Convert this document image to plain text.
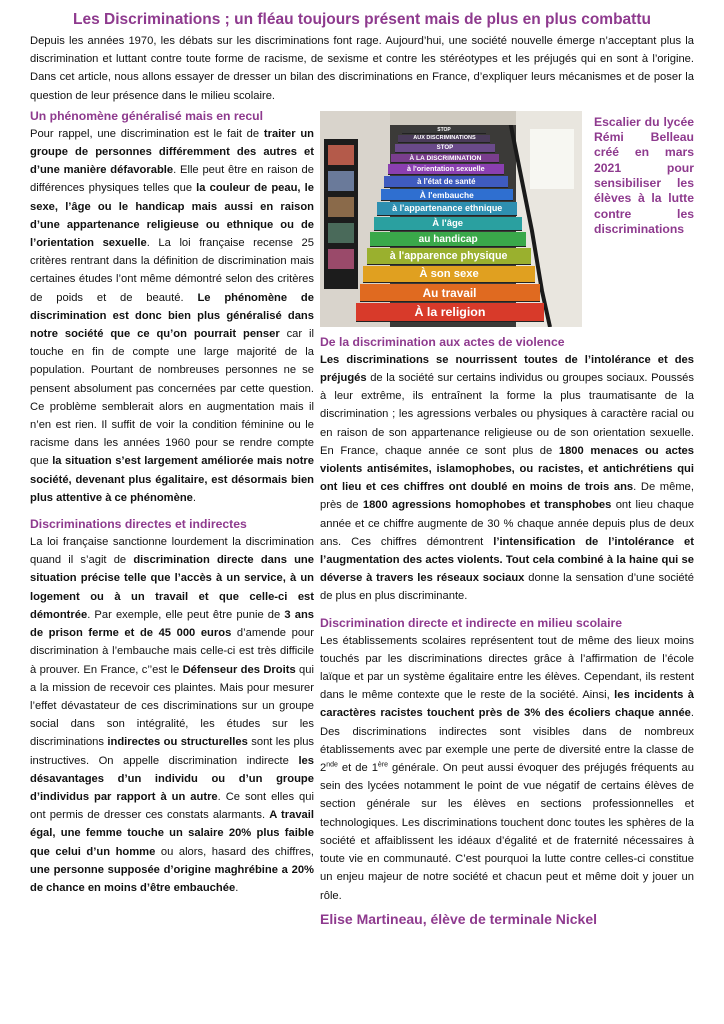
Les Discriminations ; un fléau toujours présent mais de plus en plus combattu

Depuis les années 1970, les débats sur les discriminations font rage. Aujourd’hui, une société nouvelle émerge n’acceptant plus la discrimination et luttant contre toute forme de racisme, de sexisme et contre les stéréotypes et les préjugés qui en sont à l’origine. Dans cet article, nous allons essayer de dresser un bilan des discriminations en France, d’expliquer leurs mécanismes et de poser la question de leur présence dans le milieu scolaire.

Un phénomène généralisé mais en recul

Pour rappel, une discrimination est le fait de traiter un groupe de personnes différemment des autres et d’une manière défavorable. Elle peut être en raison de différences physiques telles que la couleur de peau, le sexe, l’âge ou le handicap mais aussi en raison d’une appartenance religieuse ou ethnique ou de l’orientation sexuelle. La loi française recense 25 critères rentrant dans la définition de discrimination mais certaines études l’ont même démontré selon des critères de poids et de beauté. Le phénomène de discrimination est donc bien plus généralisé dans notre société que ce qu’on pourrait penser car il touche en fin de compte une large majorité de la population. Pourtant de nombreuses personnes ne se pensent absolument pas concernées par cette question. Ce problème semblerait alors en augmentation mais il n’en est rien. Il suffit de voir la condition féminine ou le racisme dans les années 1960 pour se rendre compte que la situation s’est largement améliorée mais notre société, devenant plus égalitaire, est désormais bien plus attentive à ce phénomène.

Discriminations directes et indirectes

La loi française sanctionne lourdement la discrimination quand il s’agit de discrimination directe dans une situation précise telle que l’accès à un service, à un logement ou à un travail et que celle-ci est démontrée. Par exemple, elle peut être punie de 3 ans de prison ferme et de 45 000 euros d’amende pour discrimination à l’embauche mais celle-ci est très difficile à prouver. En France, c’’est le Défenseur des Droits qui a la mission de recevoir ces plaintes. Mais pour mesurer l’effet dévastateur de ces discriminations sur un groupe social dans son intégralité, les études sur les discriminations indirectes ou structurelles sont les plus instructives. On appelle discrimination indirecte les désavantages d’un individu ou d’un groupe d’individus par rapport à un autre. Ce sont elles qui ont permis de dresser ces constats alarmants. A travail égal, une femme touche un salaire 20% plus faible que celui d’un homme ou alors, hasard des chiffres, une personne supposée d’origine maghrébine a 20% de chance en moins d’être embauchée.

STOP
AUX DISCRIMINATIONS
STOP
À LA DISCRIMINATION
à l'orientation sexuelle
à l'état de santé
À l'embauche
à l'appartenance ethnique
À l'âge
au handicap
à l'apparence physique
À son sexe
Au travail
À la religion
Escalier du lycée Rémi Belleau créé en mars 2021 pour sensibiliser les élèves à la lutte contre les discriminations
De la discrimination aux actes de violence

Les discriminations se nourrissent toutes de l’intolérance et des préjugés de la société sur certains individus ou groupes sociaux. Poussés à leur extrême, ils entraînent la forme la plus traumatisante de la discrimination ; les agressions verbales ou physiques à caractère racial ou en raison de son appartenance religieuse ou de son orientation sexuelle. En France, chaque année ce sont plus de 1800 menaces ou actes violents antisémites, islamophobes, ou racistes, et antichrétiens qui ont lieu et ces chiffres ont doublé en moins de trois ans. De même, près de 1800 agressions homophobes et transphobes ont lieu chaque année et ce chiffre augmente de 30 % chaque année depuis plus de deux ans. Ces chiffres démontrent l’intensification de l’intolérance et l’augmentation des actes violents. Tout cela combiné à la haine qui se déverse à travers les réseaux sociaux donne la sensation d’une société de plus en plus discriminante.

Discrimination directe et indirecte en milieu scolaire

Les établissements scolaires représentent tout de même des lieux moins touchés par les discriminations directes grâce à l’affirmation de l’école laïque et par un système égalitaire entre les élèves. Cependant, ils restent dans le même contexte que le reste de la société. Ainsi, les incidents à caractères racistes touchent près de 3% des écoliers chaque année. Des discriminations indirectes sont visibles dans de nombreux établissements avec par exemple une perte de diversité entre la classe de 2nde et de 1ère générale. On peut aussi évoquer des préjugés fréquents au sein des lycées notamment le point de vue négatif de certains élèves de section générale sur les élèves en sections professionnelles et technologiques. Les discriminations touchent donc toutes les sphères de la société et affaiblissent les idéaux d’égalité et de fraternité nécessaires à toute vie en communauté. C’est pourquoi la lutte contre celles-ci constitue un enjeu majeur de notre société et chacun peut et même doit y jouer un rôle.

Elise Martineau, élève de terminale Nickel
